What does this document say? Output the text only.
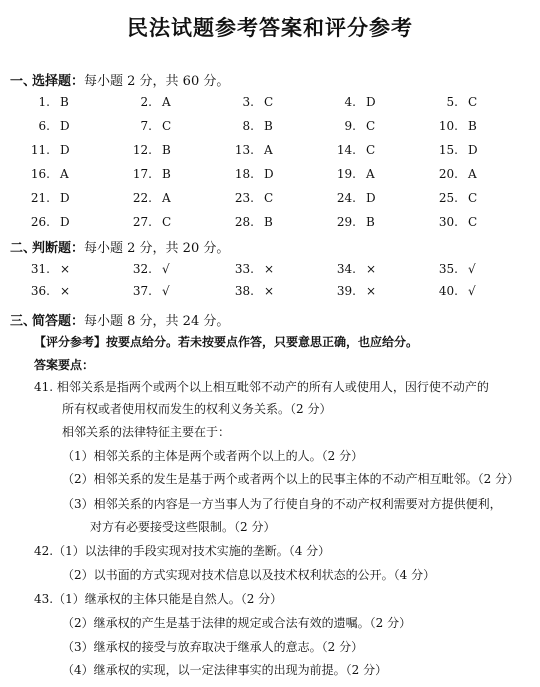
民法试题参考答案和评分参考
一、选择题：每小题 2 分，共 60 分。
1. B	2. A	3. C	4. D	5. C
6. D	7. C	8. B	9. C	10. B
11. D	12. B	13. A	14. C	15. D
16. A	17. B	18. D	19. A	20. A
21. D	22. A	23. C	24. D	25. C
26. D	27. C	28. B	29. B	30. C
二、判断题：每小题 2 分，共 20 分。
31. ×	32. √	33. ×	34. ×	35. √
36. ×	37. √	38. ×	39. ×	40. √
三、简答题：每小题 8 分，共 24 分。
【评分参考】按要点给分。若未按要点作答，只要意思正确，也应给分。
答案要点：
41. 相邻关系是指两个或两个以上相互毗邻不动产的所有人或使用人，因行使不动产的
所有权或者使用权而发生的权利义务关系。（2 分）
相邻关系的法律特征主要在于：
（1）相邻关系的主体是两个或者两个以上的人。（2 分）
（2）相邻关系的发生是基于两个或者两个以上的民事主体的不动产相互毗邻。（2 分）
（3）相邻关系的内容是一方当事人为了行使自身的不动产权利需要对方提供便利，
对方有必要接受这些限制。（2 分）
42.（1）以法律的手段实现对技术实施的垄断。（4 分）
（2）以书面的方式实现对技术信息以及技术权利状态的公开。（4 分）
43.（1）继承权的主体只能是自然人。（2 分）
（2）继承权的产生是基于法律的规定或合法有效的遗嘱。（2 分）
（3）继承权的接受与放弃取决于继承人的意志。（2 分）
（4）继承权的实现，以一定法律事实的出现为前提。（2 分）
